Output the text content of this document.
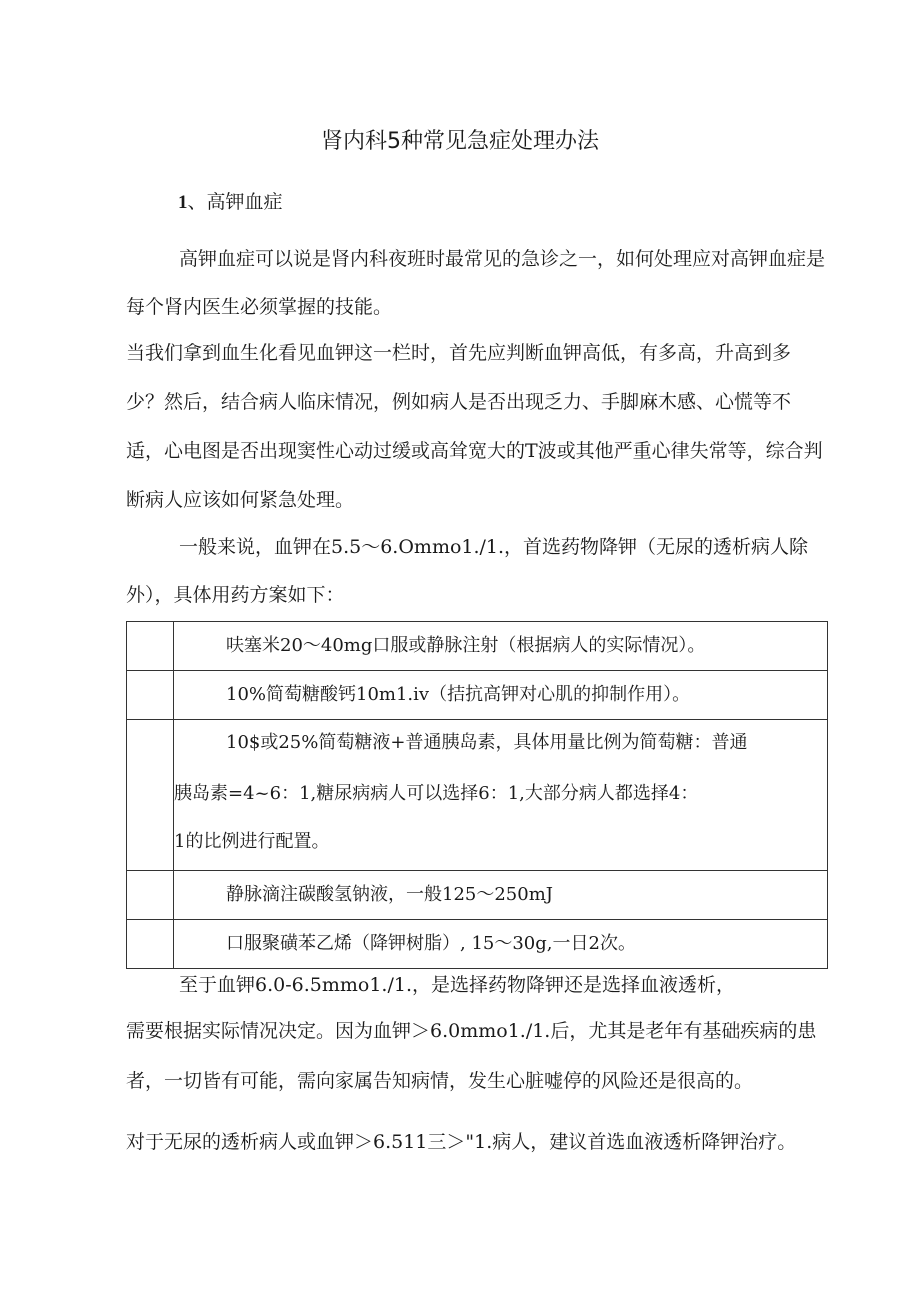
肾内科5种常见急症处理办法
1、高钾血症

高钾血症可以说是肾内科夜班时最常见的急诊之一，如何处理应对高钾血症是每个肾内医生必须掌握的技能。

当我们拿到血生化看见血钾这一栏时，首先应判断血钾高低，有多高，升高到多少？然后，结合病人临床情况，例如病人是否出现乏力、手脚麻木感、心慌等不适，心电图是否出现窦性心动过缓或高耸宽大的T波或其他严重心律失常等，综合判断病人应该如何紧急处理。

一般来说，血钾在5.5～6.Ommo1./1.，首选药物降钾（无尿的透析病人除外），具体用药方案如下：

	呋塞米20～40mg口服或静脉注射（根据病人的实际情况）。

	10%简萄糖酸钙10m1.iv（拮抗高钾对心肌的抑制作用）。

	10$或25%简萄糖液+普通胰岛素，具体用量比例为简萄糖：普通
胰岛素=4~6：1,糖尿病病人可以选择6：1,大部分病人都选择4：
1的比例进行配置。

	静脉滴注碳酸氢钠液，一般125～250mJ

	口服聚磺苯乙烯（降钾树脂）, 15～30g,一日2次。

至于血钾6.0-6.5mmo1./1.，是选择药物降钾还是选择血液透析，

需要根据实际情况决定。因为血钾＞6.0mmo1./1.后，尤其是老年有基础疾病的患者，一切皆有可能，需向家属告知病情，发生心脏嘘停的风险还是很高的。

对于无尿的透析病人或血钾＞6.511三＞"1.病人，建议首选血液透析降钾治疗。
